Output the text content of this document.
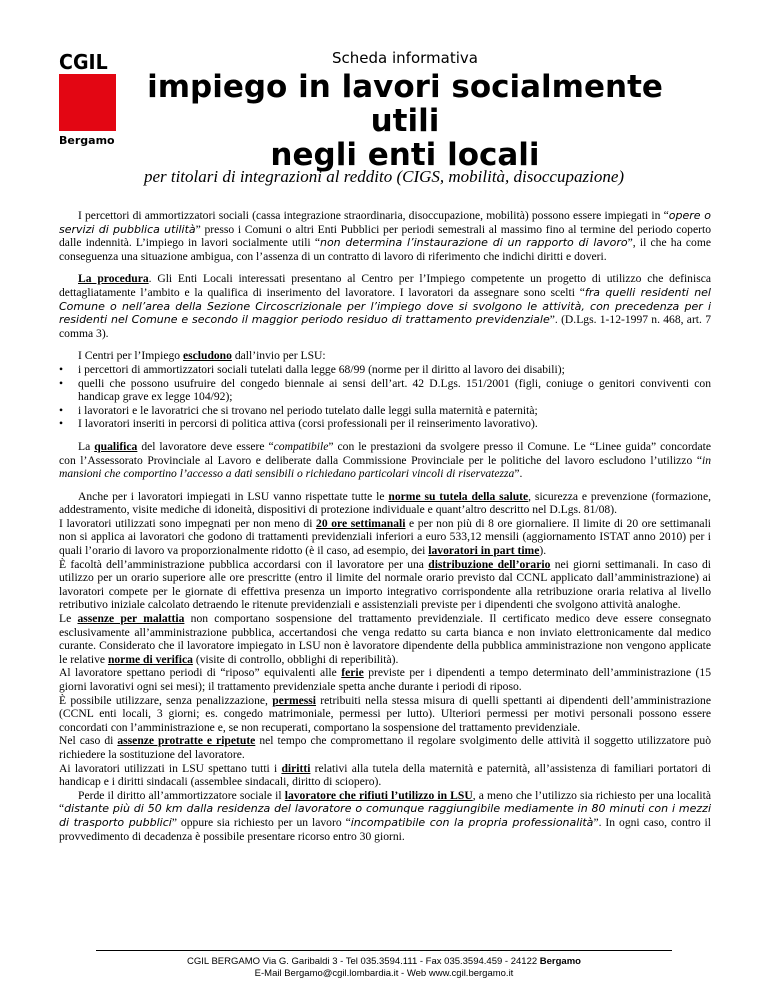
CGIL
Bergamo
Scheda informativa
impiego in lavori socialmente utili
negli enti locali
per titolari di integrazioni al reddito (CIGS, mobilità, disoccupazione)

I percettori di ammortizzatori sociali (cassa integrazione straordinaria, disoccupazione, mobilità) possono essere impiegati in “opere o servizi di pubblica utilità” presso i Comuni o altri Enti Pubblici per periodi semestrali al massimo fino al termine del periodo coperto dalle indennità. L’impiego in lavori socialmente utili “non determina l’instaurazione di un rapporto di lavoro”, il che ha come conseguenza una situazione ambigua, con l’assenza di un contratto di lavoro di riferimento che indichi diritti e doveri.

La procedura. Gli Enti Locali interessati presentano al Centro per l’Impiego competente un progetto di utilizzo che definisca dettagliatamente l’ambito e la qualifica di inserimento del lavoratore. I lavoratori da assegnare sono scelti “fra quelli residenti nel Comune o nell’area della Sezione Circoscrizionale per l’impiego dove si svolgono le attività, con precedenza per i residenti nel Comune e secondo il maggior periodo residuo di trattamento previdenziale”. (D.Lgs. 1-12-1997 n. 468, art. 7 comma 3).

I Centri per l’Impiego escludono dall’invio per LSU:

• i percettori di ammortizzatori sociali tutelati dalla legge 68/99 (norme per il diritto al lavoro dei disabili);
• quelli che possono usufruire del congedo biennale ai sensi dell’art. 42 D.Lgs. 151/2001 (figli, coniuge o genitori conviventi con handicap grave ex legge 104/92);
• i lavoratori e le lavoratrici che si trovano nel periodo tutelato dalle leggi sulla maternità e paternità;
• I lavoratori inseriti in percorsi di politica attiva (corsi professionali per il reinserimento lavorativo).

La qualifica del lavoratore deve essere “compatibile” con le prestazioni da svolgere presso il Comune. Le “Linee guida” concordate con l’Assessorato Provinciale al Lavoro e deliberate dalla Commissione Provinciale per le politiche del lavoro escludono l’utilizzo “in mansioni che comportino l’accesso a dati sensibili o richiedano particolari vincoli di riservatezza”.

Anche per i lavoratori impiegati in LSU vanno rispettate tutte le norme su tutela della salute, sicurezza e prevenzione (formazione, addestramento, visite mediche di idoneità, dispositivi di protezione individuale e quant’altro descritto nel D.Lgs. 81/08).

I lavoratori utilizzati sono impegnati per non meno di 20 ore settimanali e per non più di 8 ore giornaliere. Il limite di 20 ore settimanali non si applica ai lavoratori che godono di trattamenti previdenziali inferiori a euro 533,12 mensili (aggiornamento ISTAT anno 2010) per i quali l’orario di lavoro va proporzionalmente ridotto (è il caso, ad esempio, dei lavoratori in part time).

È facoltà dell’amministrazione pubblica accordarsi con il lavoratore per una distribuzione dell’orario nei giorni settimanali. In caso di utilizzo per un orario superiore alle ore prescritte (entro il limite del normale orario previsto dal CCNL applicato dall’amministrazione) ai lavoratori compete per le giornate di effettiva presenza un importo integrativo corrispondente alla retribuzione oraria relativa al livello retributivo iniziale calcolato detraendo le ritenute previdenziali e assistenziali previste per i dipendenti che svolgono attività analoghe.

Le assenze per malattia non comportano sospensione del trattamento previdenziale. Il certificato medico deve essere consegnato esclusivamente all’amministrazione pubblica, accertandosi che venga redatto su carta bianca e non inviato elettronicamente dal medico curante. Considerato che il lavoratore impiegato in LSU non è lavoratore dipendente della pubblica amministrazione non vengono applicate le relative norme di verifica (visite di controllo, obblighi di reperibilità).

Al lavoratore spettano periodi di “riposo” equivalenti alle ferie previste per i dipendenti a tempo determinato dell’amministrazione (15 giorni lavorativi ogni sei mesi); il trattamento previdenziale spetta anche durante i periodi di riposo.

È possibile utilizzare, senza penalizzazione, permessi retribuiti nella stessa misura di quelli spettanti ai dipendenti dell’amministrazione (CCNL enti locali, 3 giorni; es. congedo matrimoniale, permessi per lutto). Ulteriori permessi per motivi personali possono essere concordati con l’amministrazione e, se non recuperati, comportano la sospensione del trattamento previdenziale.

Nel caso di assenze protratte e ripetute nel tempo che compromettano il regolare svolgimento delle attività il soggetto utilizzatore può richiedere la sostituzione del lavoratore.

Ai lavoratori utilizzati in LSU spettano tutti i diritti relativi alla tutela della maternità e paternità, all’assistenza di familiari portatori di handicap e i diritti sindacali (assemblee sindacali, diritto di sciopero).

Perde il diritto all’ammortizzatore sociale il lavoratore che rifiuti l’utilizzo in LSU, a meno che l’utilizzo sia richiesto per una località “distante più di 50 km dalla residenza del lavoratore o comunque raggiungibile mediamente in 80 minuti con i mezzi di trasporto pubblici” oppure sia richiesto per un lavoro “incompatibile con la propria professionalità”. In ogni caso, contro il provvedimento di decadenza è possibile presentare ricorso entro 30 giorni.

CGIL BERGAMO Via G. Garibaldi 3 - Tel 035.3594.111 - Fax 035.3594.459 - 24122 Bergamo
E-Mail Bergamo@cgil.lombardia.it - Web www.cgil.bergamo.it
